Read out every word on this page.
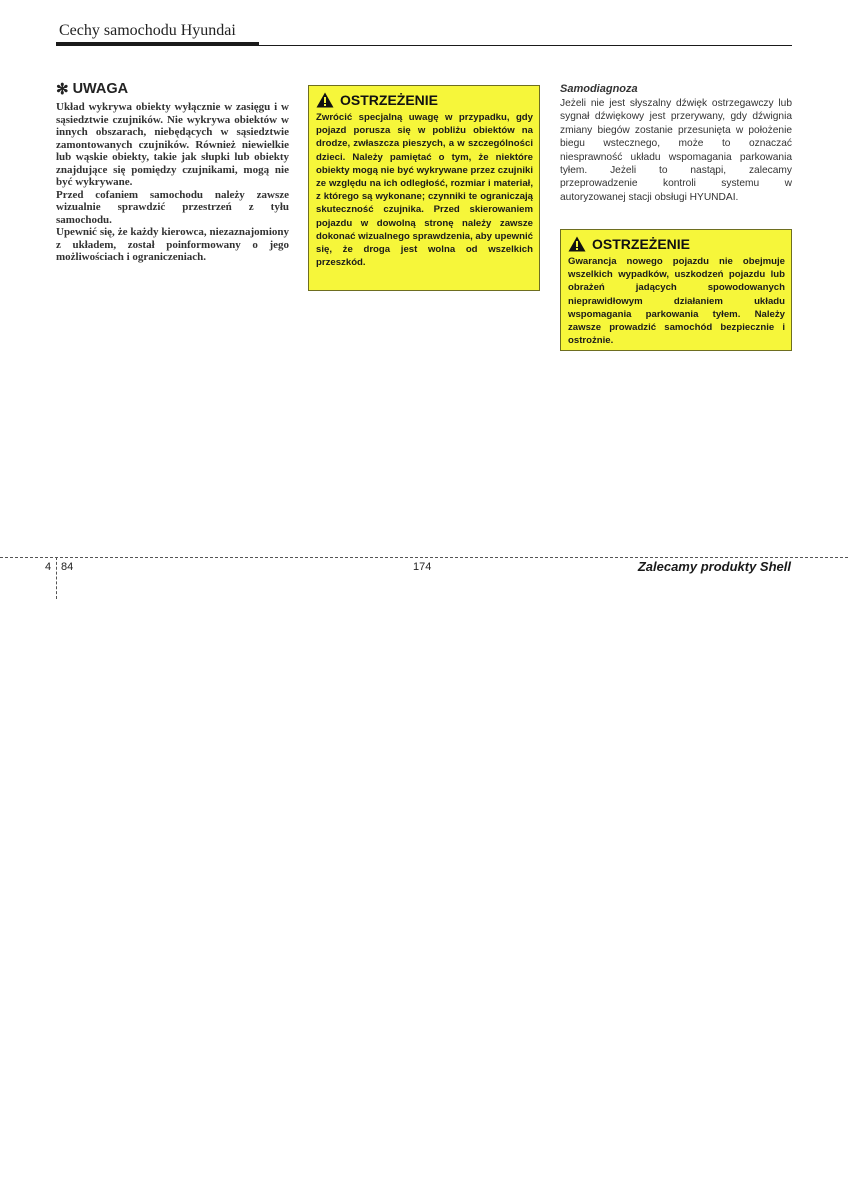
Cechy samochodu Hyundai
✻ UWAGA

Układ wykrywa obiekty wyłącznie w zasięgu i w sąsiedztwie czujników. Nie wykrywa obiektów w innych obszarach, niebędących w sąsiedztwie zamontowanych czujników. Również niewielkie lub wąskie obiekty, takie jak słupki lub obiekty znajdujące się pomiędzy czujnikami, mogą nie być wykrywane.

Przed cofaniem samochodu należy zawsze wizualnie sprawdzić przestrzeń z tyłu samochodu.

Upewnić się, że każdy kierowca, niezaznajomiony z układem, został poinformowany o jego możliwościach i ograniczeniach.

OSTRZEŻENIE
Zwrócić specjalną uwagę w przypadku, gdy pojazd porusza się w pobliżu obiektów na drodze, zwłaszcza pieszych, a w szczególności dzieci. Należy pamiętać o tym, że niektóre obiekty mogą nie być wykrywane przez czujniki ze względu na ich odległość, rozmiar i materiał, z którego są wykonane; czynniki te ograniczają skuteczność czujnika. Przed skierowaniem pojazdu w dowolną stronę należy zawsze dokonać wizualnego sprawdzenia, aby upewnić się, że droga jest wolna od wszelkich przeszkód.
Samodiagnoza
Jeżeli nie jest słyszalny dźwięk ostrzegawczy lub sygnał dźwiękowy jest przerywany, gdy dźwignia zmiany biegów zostanie przesunięta w położenie biegu wstecznego, może to oznaczać niesprawność układu wspomagania parkowania tyłem. Jeżeli to nastąpi, zalecamy przeprowadzenie kontroli systemu w autoryzowanej stacji obsługi HYUNDAI.
OSTRZEŻENIE
Gwarancja nowego pojazdu nie obejmuje wszelkich wypadków, uszkodzeń pojazdu lub obrażeń jadących spowodowanych nieprawidłowym działaniem układu wspomagania parkowania tyłem. Należy zawsze prowadzić samochód bezpiecznie i ostrożnie.
4 84	174	Zalecamy produkty Shell
